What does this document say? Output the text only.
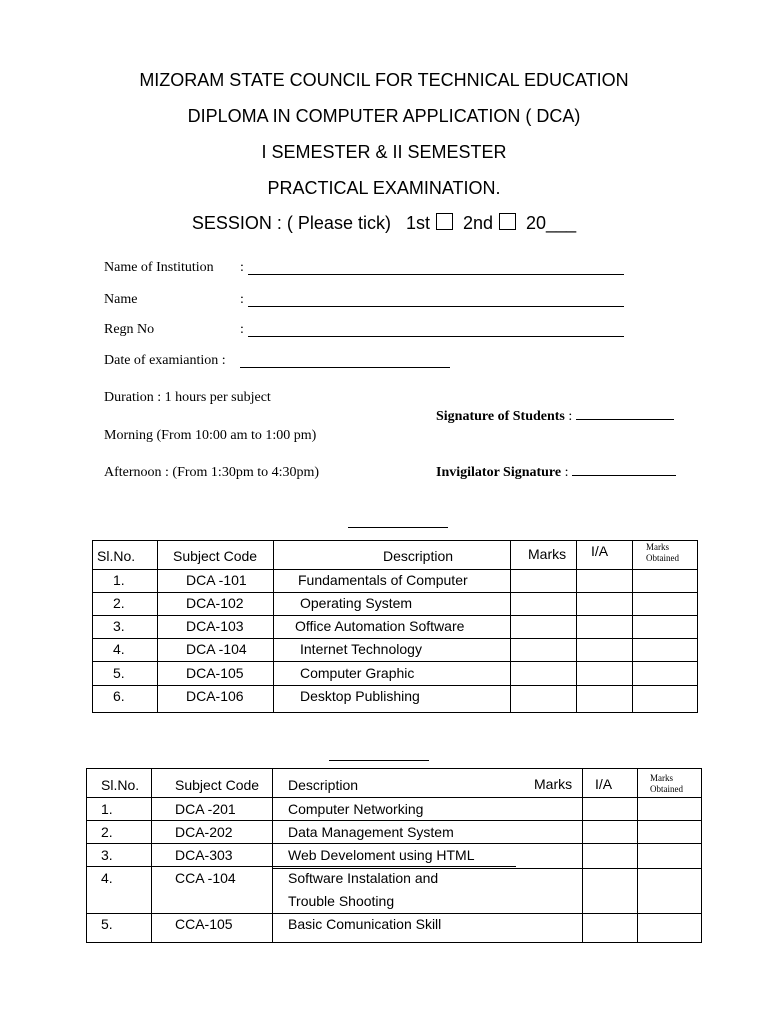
MIZORAM STATE COUNCIL FOR TECHNICAL EDUCATION
DIPLOMA IN COMPUTER APPLICATION ( DCA)
I SEMESTER & II SEMESTER
PRACTICAL EXAMINATION.
SESSION : ( Please tick) 1st 2nd 20___
Name of Institution :
Name	:
Regn No	:
Date of examiantion :
Duration : 1 hours per subject
Morning (From 10:00 am to 1:00 pm)
Afternoon : (From 1:30pm to 4:30pm)
Signature of Students :
Invigilator Signature :
Sl.No.	Subject Code	Description	Marks I/A	Marks Obtained
1.	DCA -101	Fundamentals of Computer
2.	DCA-102	Operating System
3.	DCA-103	Office Automation Software
4.	DCA -104	Internet Technology
5.	DCA-105	Computer Graphic
6.	DCA-106	Desktop Publishing
Sl.No.	Subject Code Description	Marks I/A	Marks Obtained
1.	DCA -201	Computer Networking
2.	DCA-202	Data Management System
3.	DCA-303	Web Develoment using HTML
4.	CCA -104	Software Instalation and
Trouble Shooting
5.	CCA-105	Basic Comunication Skill
